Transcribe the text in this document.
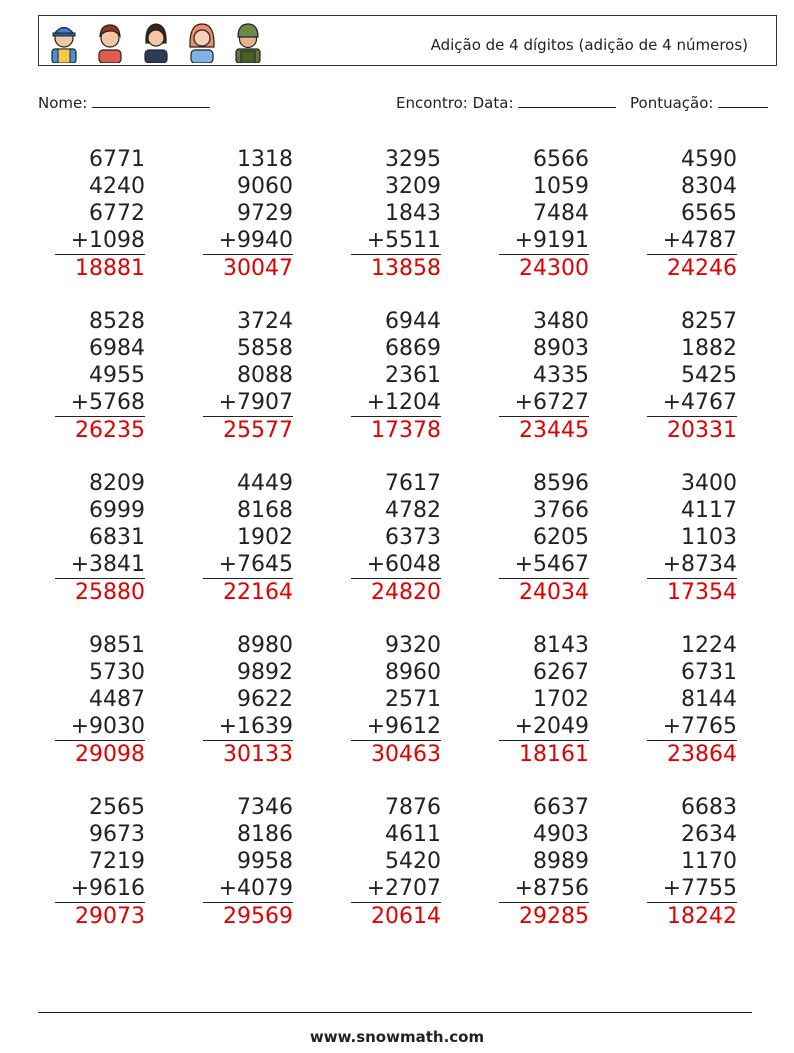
Adição de 4 dígitos (adição de 4 números)
Nome:	Encontro: Data:	Pontuação:
6771
4240
6772
+1098
18881
1318
9060
9729
+9940
30047
3295
3209
1843
+5511
13858
6566
1059
7484
+9191
24300
4590
8304
6565
+4787
24246
8528
6984
4955
+5768
26235
3724
5858
8088
+7907
25577
6944
6869
2361
+1204
17378
3480
8903
4335
+6727
23445
8257
1882
5425
+4767
20331
8209
6999
6831
+3841
25880
4449
8168
1902
+7645
22164
7617
4782
6373
+6048
24820
8596
3766
6205
+5467
24034
3400
4117
1103
+8734
17354
9851
5730
4487
+9030
29098
8980
9892
9622
+1639
30133
9320
8960
2571
+9612
30463
8143
6267
1702
+2049
18161
1224
6731
8144
+7765
23864
2565
9673
7219
+9616
29073
7346
8186
9958
+4079
29569
7876
4611
5420
+2707
20614
6637
4903
8989
+8756
29285
6683
2634
1170
+7755
18242
www.snowmath.com
